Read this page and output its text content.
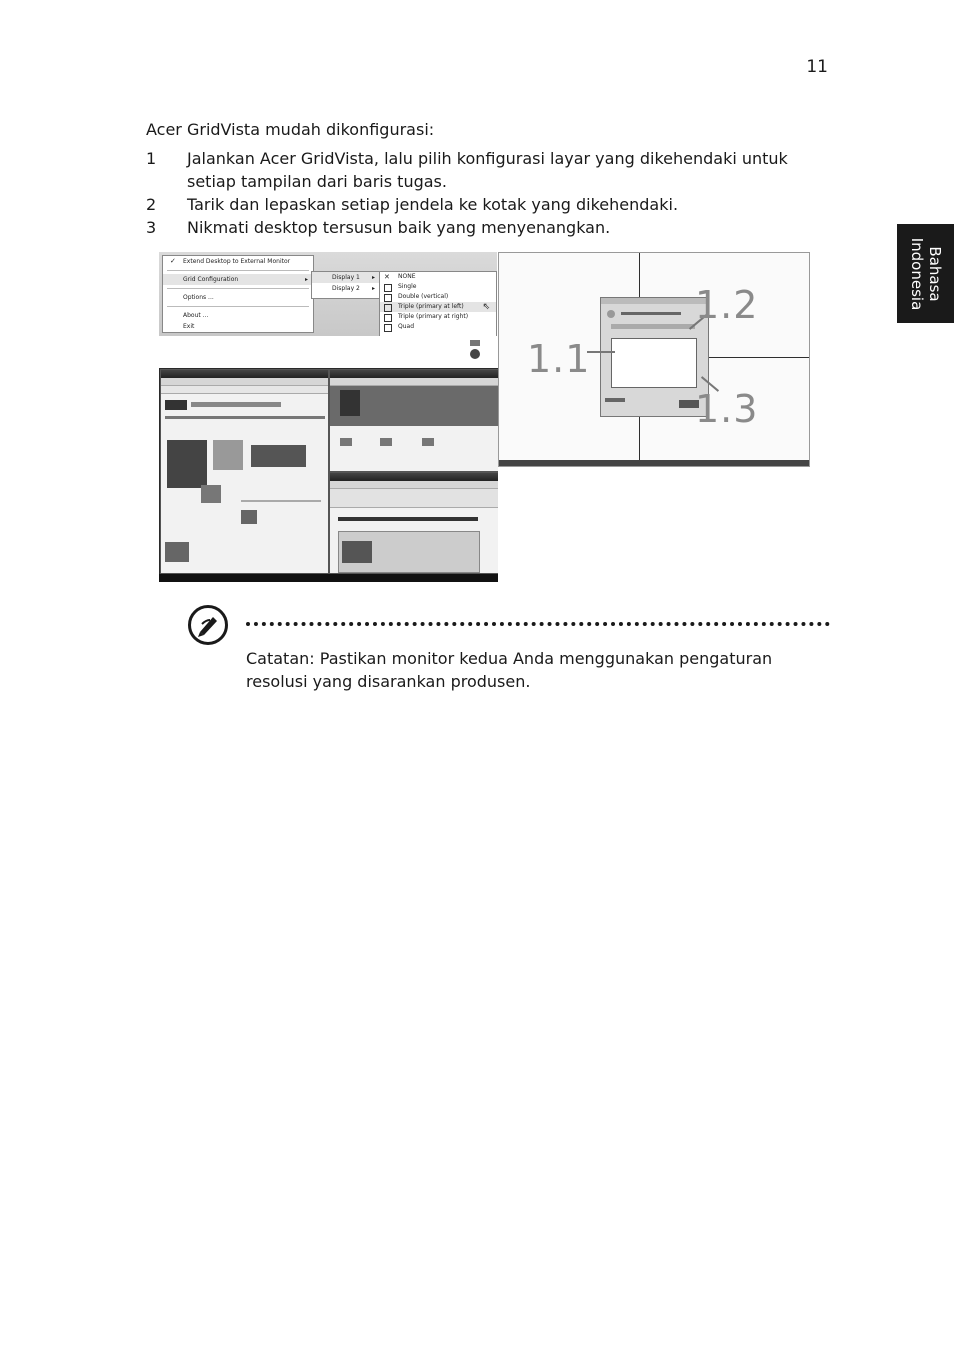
11
Bahasa
Indonesia
Acer GridVista mudah dikonfigurasi:
1	Jalankan Acer GridVista, lalu pilih konfigurasi layar yang dikehendaki untuk setiap tampilan dari baris tugas.
2	Tarik dan lepaskan setiap jendela ke kotak yang dikehendaki.
3	Nikmati desktop tersusun baik yang menyenangkan.
✓ Extend Desktop to External Monitor
Grid Configuration	▸
Options ...
About ...
Exit
Display 1 ▸
Display 2 ▸
✕ NONE
Single
Double (vertical)
Triple (primary at left) ⇖
Triple (primary at right)
Quad
1.1
1.2
1.3
Catatan: Pastikan monitor kedua Anda menggunakan pengaturan resolusi yang disarankan produsen.
